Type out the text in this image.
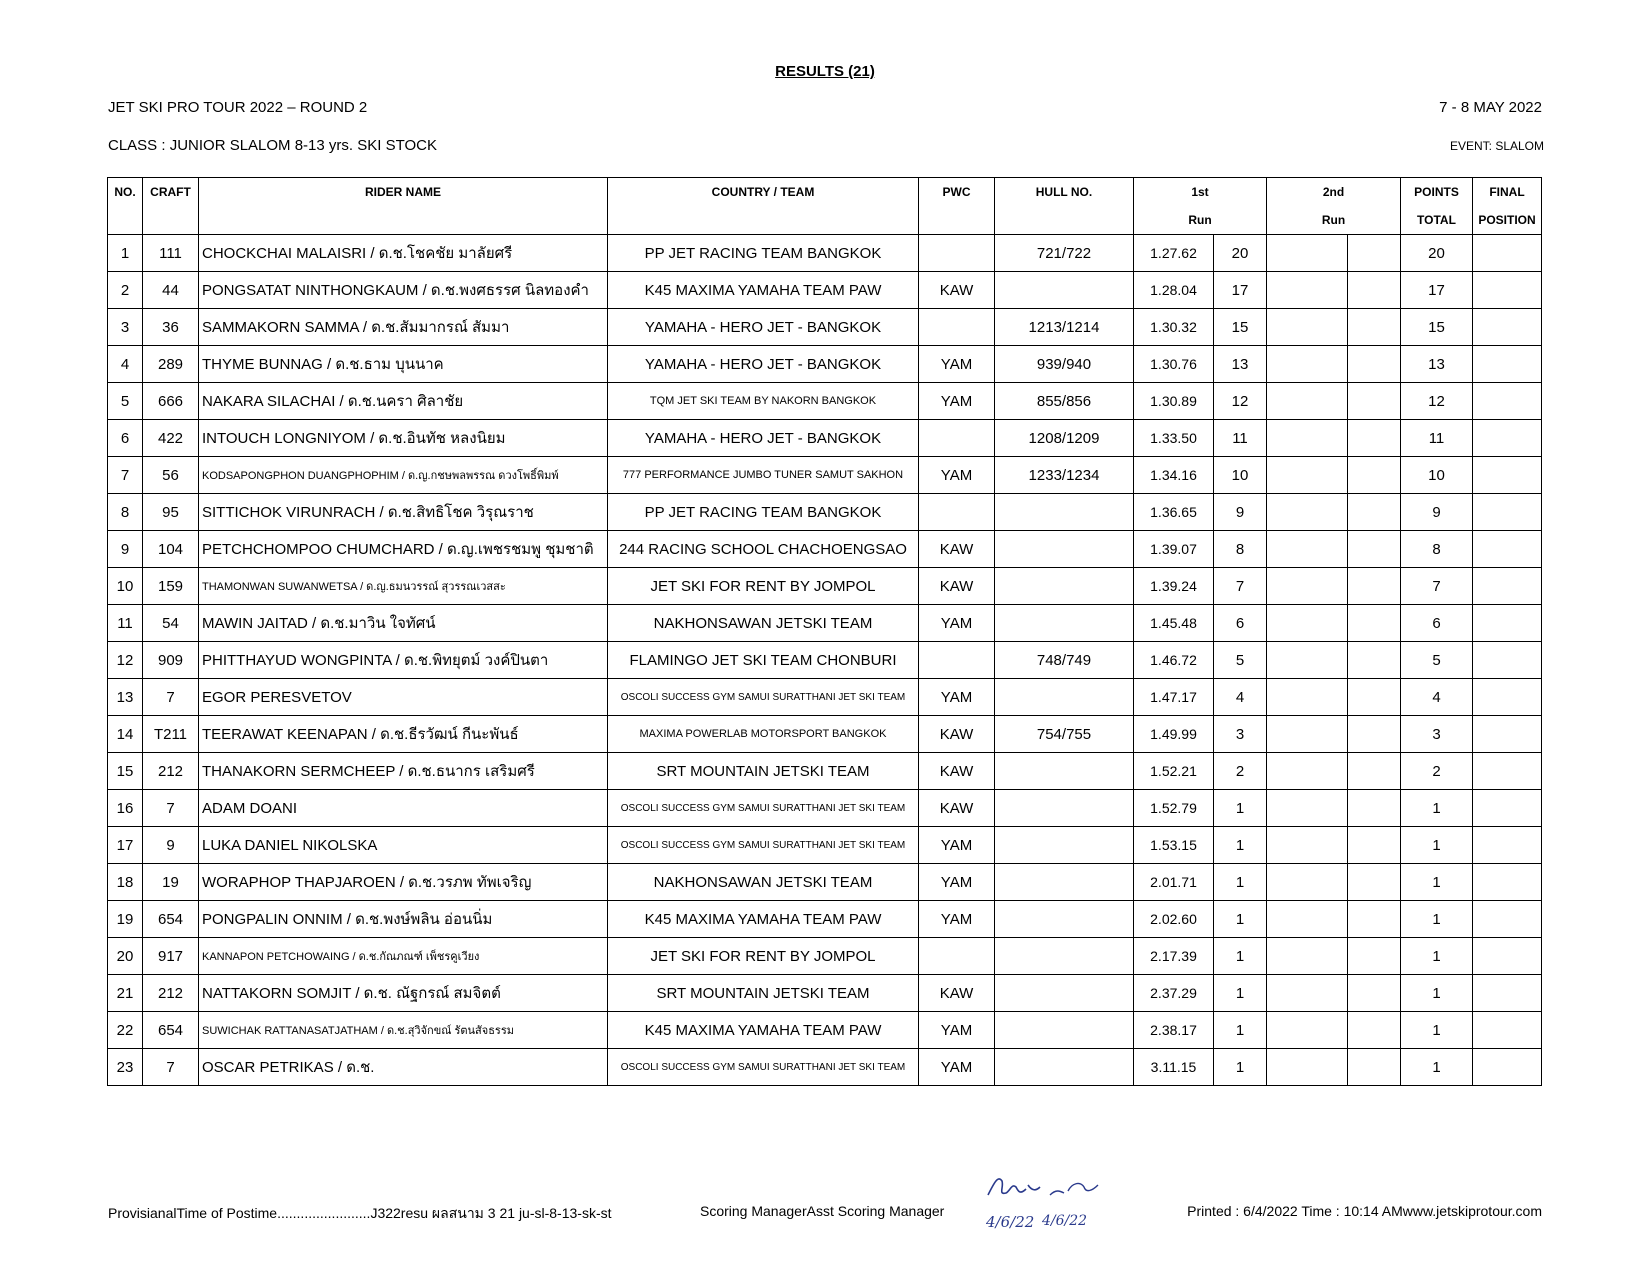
RESULTS (21)
JET SKI PRO TOUR 2022 – ROUND 2	7 - 8 MAY 2022
CLASS : JUNIOR SLALOM 8-13 yrs. SKI STOCK	EVENT: SLALOM
NO.	CRAFT	RIDER NAME	COUNTRY / TEAM	PWC	HULL NO.	1st		2nd		POINTS	FINAL
						Run		Run		TOTAL	POSITION
1	111	CHOCKCHAI MALAISRI / ด.ช.โชคชัย มาลัยศรี	PP JET RACING TEAM BANGKOK		721/722	1.27.62	20			20	
2	44	PONGSATAT NINTHONGKAUM / ด.ช.พงศธรรศ นิลทองคำ	K45 MAXIMA YAMAHA TEAM PAW	KAW		1.28.04	17			17	
3	36	SAMMAKORN SAMMA / ด.ช.สัมมากรณ์ สัมมา	YAMAHA - HERO JET - BANGKOK		1213/1214	1.30.32	15			15	
4	289	THYME BUNNAG / ด.ช.ธาม บุนนาค	YAMAHA - HERO JET - BANGKOK	YAM	939/940	1.30.76	13			13	
5	666	NAKARA SILACHAI / ด.ช.นครา ศิลาชัย	TQM JET SKI TEAM BY NAKORN BANGKOK	YAM	855/856	1.30.89	12			12	
6	422	INTOUCH LONGNIYOM / ด.ช.อินทัช หลงนิยม	YAMAHA - HERO JET - BANGKOK		1208/1209	1.33.50	11			11	
7	56	KODSAPONGPHON DUANGPHOPHIM / ด.ญ.กชษพลพรรณ ดวงโพธิ์พิมพ์	777 PERFORMANCE JUMBO TUNER SAMUT SAKHON	YAM	1233/1234	1.34.16	10			10	
8	95	SITTICHOK VIRUNRACH / ด.ช.สิทธิโชค วิรุณราช	PP JET RACING TEAM BANGKOK			1.36.65	9			9	
9	104	PETCHCHOMPOO CHUMCHARD / ด.ญ.เพชรชมพู ชุมชาติ	244 RACING SCHOOL CHACHOENGSAO	KAW		1.39.07	8			8	
10	159	THAMONWAN SUWANWETSA / ด.ญ.ธมนวรรณ์ สุวรรณเวสสะ	JET SKI FOR RENT BY JOMPOL	KAW		1.39.24	7			7	
11	54	MAWIN JAITAD / ด.ช.มาวิน ใจทัศน์	NAKHONSAWAN JETSKI TEAM	YAM		1.45.48	6			6	
12	909	PHITTHAYUD WONGPINTA / ด.ช.พิทยุตม์ วงค์ปินตา	FLAMINGO JET SKI TEAM CHONBURI		748/749	1.46.72	5			5	
13	7	EGOR PERESVETOV	OSCOLI SUCCESS GYM SAMUI SURATTHANI JET SKI TEAM	YAM		1.47.17	4			4	
14	T211	TEERAWAT KEENAPAN / ด.ช.ธีรวัฒน์ กีนะพันธ์	MAXIMA POWERLAB MOTORSPORT BANGKOK	KAW	754/755	1.49.99	3			3	
15	212	THANAKORN SERMCHEEP / ด.ช.ธนากร เสริมศรี	SRT MOUNTAIN JETSKI TEAM	KAW		1.52.21	2			2	
16	7	ADAM DOANI	OSCOLI SUCCESS GYM SAMUI SURATTHANI JET SKI TEAM	KAW		1.52.79	1			1	
17	9	LUKA DANIEL NIKOLSKA	OSCOLI SUCCESS GYM SAMUI SURATTHANI JET SKI TEAM	YAM		1.53.15	1			1	
18	19	WORAPHOP THAPJAROEN / ด.ช.วรภพ ทัพเจริญ	NAKHONSAWAN JETSKI TEAM	YAM		2.01.71	1			1	
19	654	PONGPALIN ONNIM / ด.ช.พงษ์พลิน อ่อนนิ่ม	K45 MAXIMA YAMAHA TEAM PAW	YAM		2.02.60	1			1	
20	917	KANNAPON PETCHOWAING / ด.ช.กัณภณฑ์ เพ็ชรคูเวียง	JET SKI FOR RENT BY JOMPOL			2.17.39	1			1	
21	212	NATTAKORN SOMJIT / ด.ช. ณัฐกรณ์ สมจิตต์	SRT MOUNTAIN JETSKI TEAM	KAW		2.37.29	1			1	
22	654	SUWICHAK RATTANASATJATHAM / ด.ช.สุวิจักขณ์ รัตนสัจธรรม	K45 MAXIMA YAMAHA TEAM PAW	YAM		2.38.17	1			1	
23	7	OSCAR PETRIKAS / ด.ช.	OSCOLI SUCCESS GYM SAMUI SURATTHANI JET SKI TEAM	YAM		3.11.15	1			1	
ProvisianalTime of Postime........................J322resu ผลสนาม 3 21 ju-sl-8-13-sk-st	Scoring ManagerAsst Scoring Manager	Printed : 6/4/2022 Time : 10:14 AMwww.jetskiprotour.com
4/6/22 4/6/22
